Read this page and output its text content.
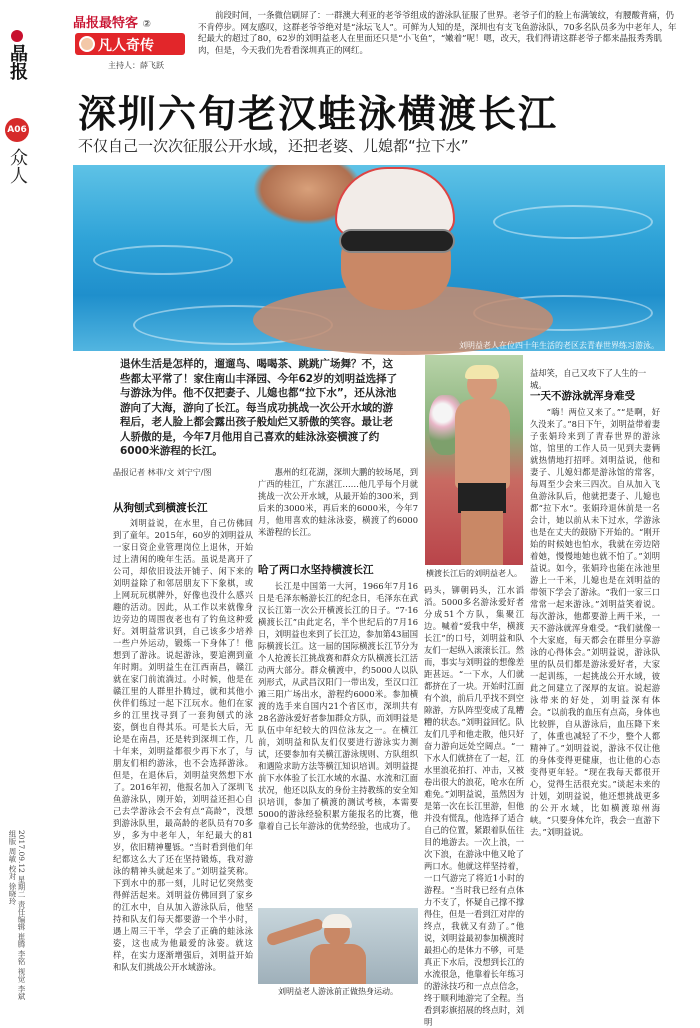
晶报
A06
众人
2017.09.12 星期二 责任编辑 崔腾 李铭 视觉 李斌 组版 周敏 校对 徐晓玲
晶报最特客 ②
凡人奇传
主持人：薛飞跃
前段时间，一条微信刷屏了：一群澳大利亚的老爷爷组成的游泳队征服了世界。老爷子们的脸上布满皱纹，有腰酸背痛，仍不肯停步。网友感叹，这群老爷爷绝对是“泳坛飞人”。可鲜为人知的是，深圳也有支飞鱼游泳队，70多名队员多为中老年人，年纪最大的超过了80，62岁的刘明益老人在里面还只是“小飞鱼”，“嫩着”呢！嗯，改天，我们得请这群老爷子都来晶报秀秀肌肉，但是，今天我们先看看深圳真正的网红。
深圳六旬老汉蛙泳横渡长江
不仅自己一次次征服公开水域，还把老婆、儿媳都“拉下水”
刘明益老人在位四十年生活的老区去青春世界练习游泳。
退休生活是怎样的，遛遛鸟、喝喝茶、跳跳广场舞？不，这些都太平常了！家住南山丰泽园、今年62岁的刘明益选择了与游泳为伴。他不仅把妻子、儿媳也都“拉下水”，还从泳池游向了大海，游向了长江。每当成功挑战一次公开水域的游程后，老人脸上都会露出孩子般灿烂又骄傲的笑容。最让老人骄傲的是，今年7月他用自己喜欢的蛙泳泳姿横渡了约6000米游程的长江。
横渡长江后的刘明益老人。
晶报记者 林菲/文 刘宁宁/图
从狗刨式到横渡长江

刘明益说，在水里，自己仿佛回到了童年。2015年，60岁的刘明益从一家日资企业管理岗位上退休，开始过上清闲的晚年生活。虽说是离开了公司，却依旧设法开铺子、闲下来的刘明益除了和邻居朋友下下象棋，或上网玩玩棋牌外，好像也没什么感兴趣的活动。因此，从工作以来就像身边旁边的周围夜老也有了钓鱼这种爱好。刘明益常识到，自己该多少培养一些户外运动，锻炼一下身体了！他想到了游泳。说起游泳，要追溯到童年时期。刘明益生在江西南昌，赣江就在家门前流淌过。小时候，他是在赣江里的人群里扑腾过，就和其他小伙伴们练过一起下江玩水。他们在家乡的江里找寻到了一套狗刨式的泳姿，倒也自得其乐。可是长大后，无论是在南昌，还是转到深圳工作，几十年来，刘明益都很少再下水了，与朋友们相约游泳，也不会选择游泳。但是，在退休后，刘明益突然想下水了。2016年初，他报名加入了深圳飞鱼游泳队，刚开始，刘明益还担心自己去学游泳会不会有点“高龄”，没想到游泳队里，最高龄的老队员有70多岁，多为中老年人，年纪最大的81岁，依旧精神矍铄。“当时看到他们年纪都这么大了还在坚持锻炼，我对游泳的精神头就起来了。”刘明益笑称。下到水中的那一刻，儿时记忆突然变得鲜活起来。刘明益仿佛回到了家乡的江水中，自从加入游泳队后，他坚持和队友们每天都要游一个半小时，遇上周三干半，学会了正确的蛙泳泳姿，这也成为他最爱的泳姿。就这样，在实力逐渐增强后，刘明益开始和队友们挑战公开水域游泳。

惠州的红花湖，深圳大鹏的较场尾，到广西的桂江，广东湛江……他几乎每个月就挑战一次公开水域，从最开始的300米，到后来的3000米，再后来的6000米，今年7月，他用喜欢的蛙泳泳姿，横渡了约6000米游程的长江。

哈了两口水坚持横渡长江

长江是中国第一大河，1966年7月16日是毛泽东畅游长江的纪念日，毛泽东在武汉长江第一次公开横渡长江的日子。“7·16横渡长江”由此定名，半个世纪后的7月16日，刘明益也来到了长江边，参加第43届国际横渡长江。这一届的国际横渡长江节分为个人抢渡长江挑战赛和群众方队横渡长江活动两大部分。群众横渡中，约5000人以队列形式，从武昌汉阳门一带出发，至汉口江滩三阳广场出水，游程约6000米。参加横渡的选手来自国内21个省区市，深圳共有28名游泳爱好者参加群众方队，而刘明益是队伍中年纪较大的四位泳友之一。在横江前，刘明益和队友们仅要进行游泳实力测试，还要参加有关横江游泳规则、方队组织和遇险求助方法等横江知识培训。刘明益提前下水体验了长江水域的水温、水流和江面状况，他还以队友的身份主持教练的安全知识培训，参加了横渡的测试考核，本需要5000的游泳经验积累方能报名的比赛，他靠着自己长年游泳的优势经验，也成功了。

码头，铆朝码头，江水滔滔。5000多名游泳爱好者分成51个方队，集聚江边。喊着“爱我中华，横渡长江”的口号，刘明益和队友们一起纵入滚滚长江。然而，事实与刘明益的想像差距甚远。“一下水，人们就都挤在了一块。开始时江面有个浪，前后几乎找不到空隙游，方队阵型变成了乱糟糟的状态。”刘明益回忆。队友们几乎和他走散，他只好奋力游向远处空阔点。“一下水人们就挤在了一起，江水里浪花拍打、冲击，又被卷出很大的浪花，呛水在所难免。”刘明益说，虽然因为是第一次在长江里游，但他并没有慌乱，他选择了适合自己的位置，紧跟着队伍往目的地游去。一次上浪，一次下浪，在游泳中他又呛了两口水。他就这样坚持着，一口气游完了将近1小时的游程。“当时我已经有点体力不支了，怀疑自己撑不撑得住，但是一看到江对岸的终点，我就又有劲了。”他说，刘明益最初参加横渡时最担心的是体力不够，可是真正下水后，没想到长江的水流很急，他靠着长年练习的游泳技巧和一点点信念，终于顺利地游完了全程。当看到彩旗招展的终点时，刘明

益却笑，自己又攻下了人生的一城。
一天不游泳就浑身难受

“嗨！两位又来了。”“是啊，好久没来了。”8日下午，刘明益带着妻子张娟玲来到了青春世界的游泳馆，馆里的工作人员一见到夫妻俩就热情地打招呼。刘明益说，他和妻子、儿媳妇都是游泳馆的常客，每周至少会来三四次。自从加入飞鱼游泳队后，他就把妻子、儿媳也都“拉下水”。张娟玲退休前是一名会计，她以前从未下过水，学游泳也是在丈夫的鼓励下开始的。“刚开始的时候她也怕水，我就在旁边陪着她，慢慢地她也就不怕了。”刘明益说。如今，张娟玲也能在泳池里游上一千米，儿媳也是在刘明益的带领下学会了游泳。“我们一家三口常常一起来游泳。”刘明益笑着说。每次游泳，他都要游上两千米，一天不游泳就浑身难受。“我们就像一个大家庭，每天都会在群里分享游泳的心得体会。”刘明益说，游泳队里的队员们都是游泳爱好者，大家一起训练，一起挑战公开水域，彼此之间建立了深厚的友谊。说起游泳带来的好处，刘明益深有体会。“以前我的血压有点高，身体也比较胖，自从游泳后，血压降下来了，体重也减轻了不少，整个人都精神了。”刘明益说，游泳不仅让他的身体变得更健康，也让他的心态变得更年轻。“现在我每天都很开心，觉得生活很充实。”谈起未来的计划，刘明益说，他还想挑战更多的公开水域，比如横渡琼州海峡。“只要身体允许，我会一直游下去。”刘明益说。

刘明益老人游泳前正做热身运动。
